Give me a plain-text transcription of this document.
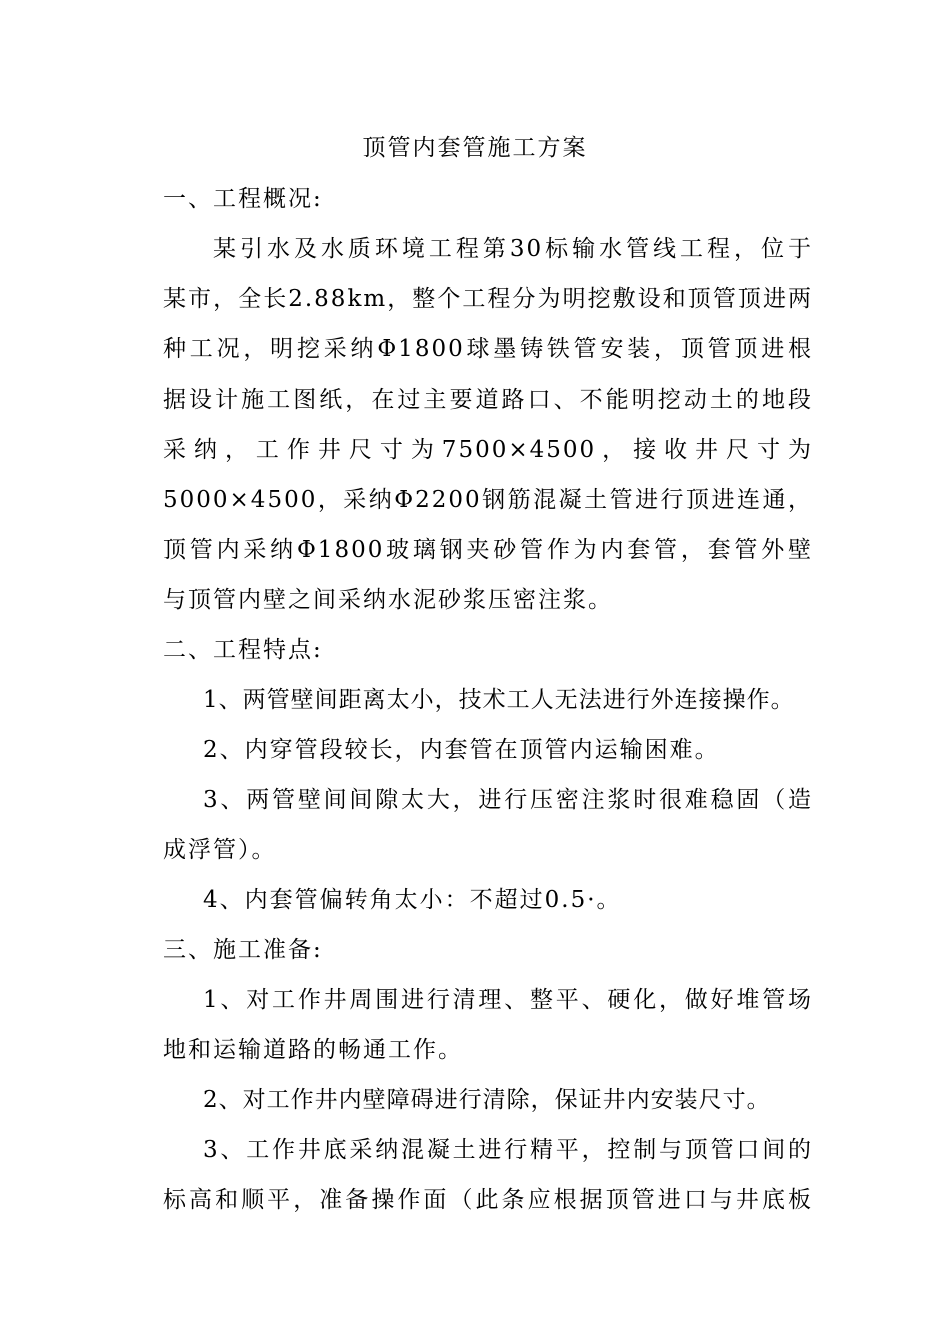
顶管内套管施工方案
一、工程概况:
某引水及水质环境工程第30标输水管线工程，位于
某市，全长2.88km，整个工程分为明挖敷设和顶管顶进两
种工况，明挖采纳Φ1800球墨铸铁管安装，顶管顶进根
据设计施工图纸，在过主要道路口、不能明挖动土的地段
采纳，工作井尺寸为7500×4500，接收井尺寸为
5000×4500，采纳Φ2200钢筋混凝土管进行顶进连通，
顶管内采纳Φ1800玻璃钢夹砂管作为内套管，套管外壁
与顶管内壁之间采纳水泥砂浆压密注浆。
二、工程特点:
1、两管壁间距离太小，技术工人无法进行外连接操作。
2、内穿管段较长，内套管在顶管内运输困难。
3、两管壁间间隙太大，进行压密注浆时很难稳固（造
成浮管）。
4、内套管偏转角太小：不超过0.5·。
三、施工准备:
1、对工作井周围进行清理、整平、硬化，做好堆管场
地和运输道路的畅通工作。
2、对工作井内壁障碍进行清除，保证井内安装尺寸。
3、工作井底采纳混凝土进行精平，控制与顶管口间的
标高和顺平，准备操作面（此条应根据顶管进口与井底板
